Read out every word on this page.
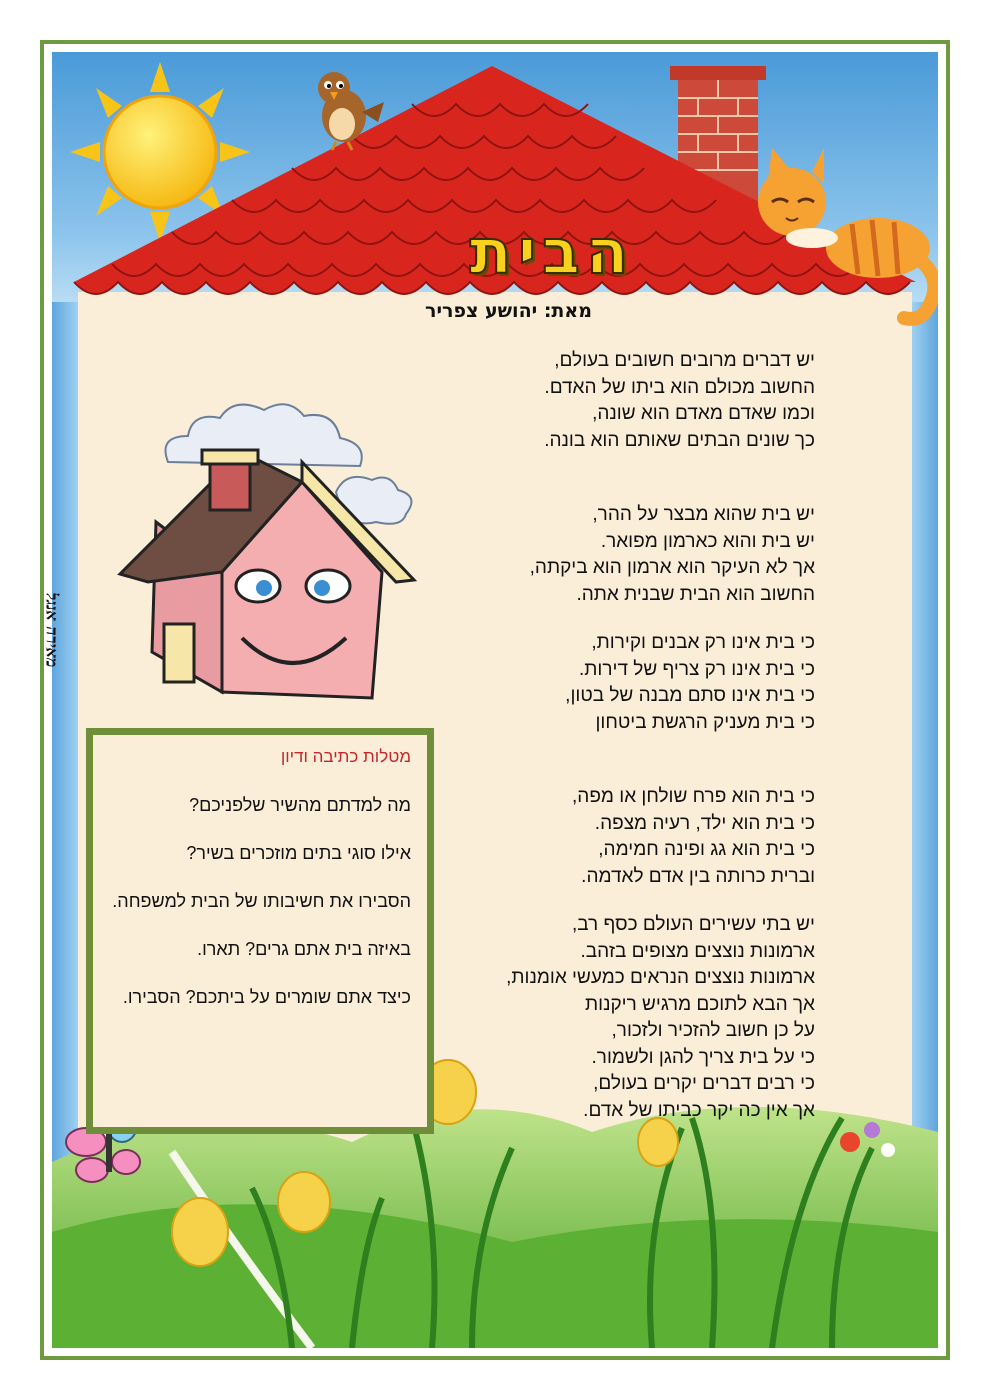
הבית
מאת: יהושע צפריר

יש דברים מרובים חשובים בעולם,

החשוב מכולם הוא ביתו של האדם.

וכמו שאדם מאדם הוא שונה,

כך שונים הבתים שאותם הוא בונה.

יש בית שהוא מבצר על ההר,

יש בית והוא כארמון מפואר.

אך לא העיקר הוא ארמון הוא ביקתה,

החשוב הוא הבית שבנית אתה.

כי בית אינו רק אבנים וקירות,

כי בית אינו רק צריף של דירות.

כי בית אינו סתם מבנה של בטון,

כי בית מעניק הרגשת ביטחון

כי בית הוא פרח שולחן או מפה,

כי בית הוא ילד, רעיה מצפה.

כי בית הוא גג ופינה חמימה,

וברית כרותה בין אדם לאדמה.

יש בתי עשירים העולם כסף רב,

ארמונות נוצצים מצופים בזהב.

ארמונות נוצצים הנראים כמעשי אומנות,

אך הבא לתוכם מרגיש ריקנות

על כן חשוב להזכיר ולזכור,

כי על בית צריך להגן ולשמור.

כי רבים דברים יקרים בעולם,

אך אין כה יקר כביתו של אדם.

מטלות כתיבה ודיון

מה למדתם מהשיר שלפניכם?

אילו סוגי בתים מוזכרים בשיר?

הסבירו את חשיבותו של הבית למשפחה.

באיזה בית אתם גרים? תארו.

כיצד אתם שומרים על ביתכם? הסבירו.

מאירה אנגל
